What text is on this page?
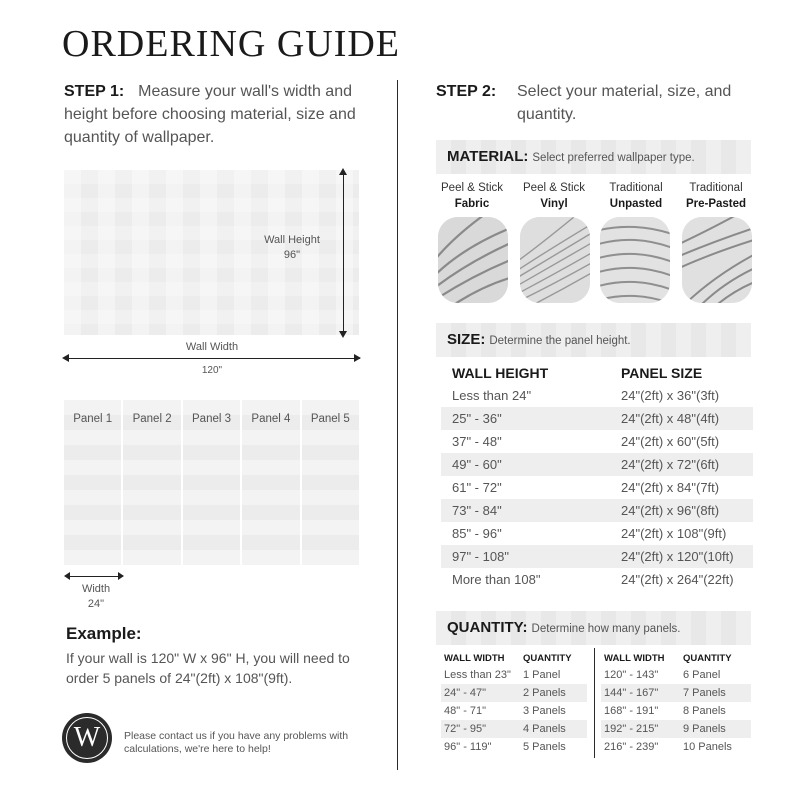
ORDERING GUIDE
STEP 1: Measure your wall's width and height before choosing material, size and quantity of wallpaper.
Wall Height
96"
Wall Width
120"
Panel 1	Panel 2	Panel 3	Panel 4	Panel 5
Width
24"
Example:
If your wall is 120" W x 96" H, you will need to order 5 panels of 24"(2ft) x 108"(9ft).
W	Please contact us if you have any problems with calculations, we're here to help!
STEP 2: Select your material, size, and quantity.
MATERIAL: Select preferred wallpaper type.
Peel & Stick
Fabric
Peel & Stick
Vinyl
Traditional
Unpasted
Traditional
Pre-Pasted
SIZE: Determine the panel height.
WALL HEIGHT	PANEL SIZE
Less than 24"	24"(2ft) x 36"(3ft)
25" - 36"	24"(2ft) x 48"(4ft)
37" - 48"	24"(2ft) x 60"(5ft)
49" - 60"	24"(2ft) x 72"(6ft)
61" - 72"	24"(2ft) x 84"(7ft)
73" - 84"	24"(2ft) x 96"(8ft)
85" - 96"	24"(2ft) x 108"(9ft)
97" - 108"	24"(2ft) x 120"(10ft)
More than 108"	24"(2ft) x 264"(22ft)
QUANTITY: Determine how many panels.
WALL WIDTH	QUANTITY
Less than 23"	1 Panel
24" - 47"	2 Panels
48" - 71"	3 Panels
72" - 95"	4 Panels
96" - 119"	5 Panels
WALL WIDTH	QUANTITY
120" - 143"	6 Panel
144" - 167"	7 Panels
168" - 191"	8 Panels
192" - 215"	9 Panels
216" - 239"	10 Panels
